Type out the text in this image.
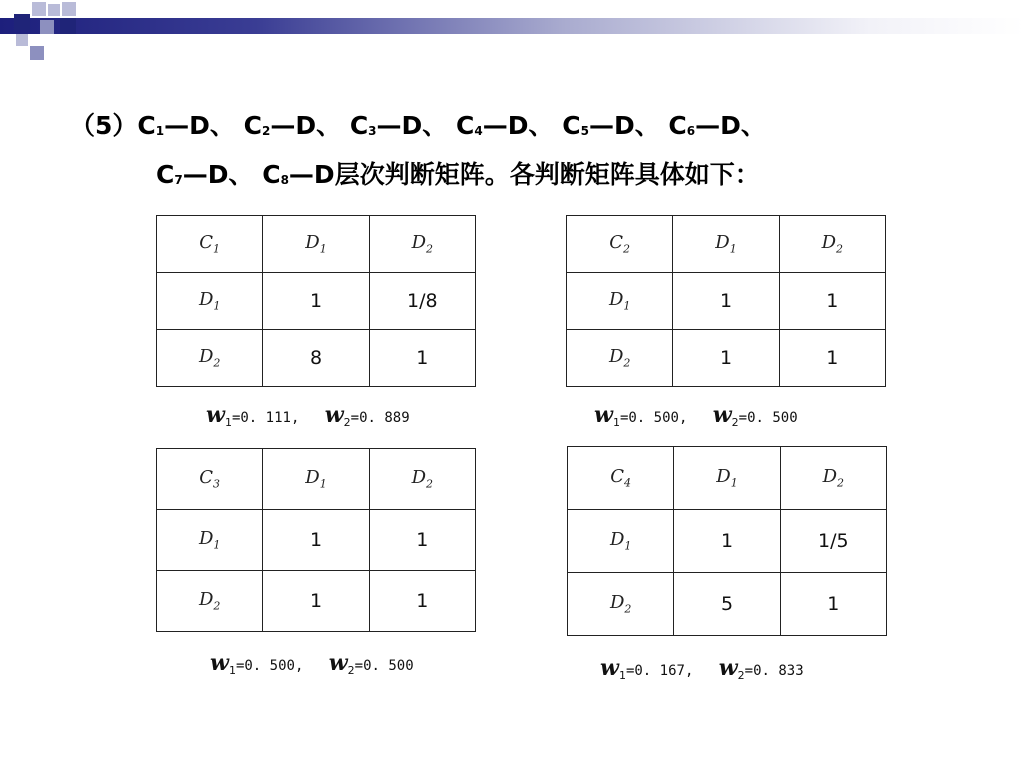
$(5)C_1—D$、 $C_2—D$、 $C_3—D$、 $C_4—D$、 $C_5—D$、 $C_6—D$、
$C_7—D$、 $C_8—D$层次判断矩阵。各判断矩阵具体如下：
$C_1$	$D_1$	$D_2$
$D_1$	1	1/8
$D_2$	8	1
$w_1=0$. 111, $w_2=0$. 889
$C_2$	$D_1$	$D_2$
$D_1$	1	1
$D_2$	1	1
$w_1=0$. 500, $w_2=0$. 500
$C_3$	$D_1$	$D_2$
$D_1$	1	1
$D_2$	1	1
$w_1=0$. 500, $w_2=0$. 500
$C_4$	$D_1$	$D_2$
$D_1$	1	1/5
$D_2$	5	1
$w_1=0$. 167, $w_2=0$. 833
